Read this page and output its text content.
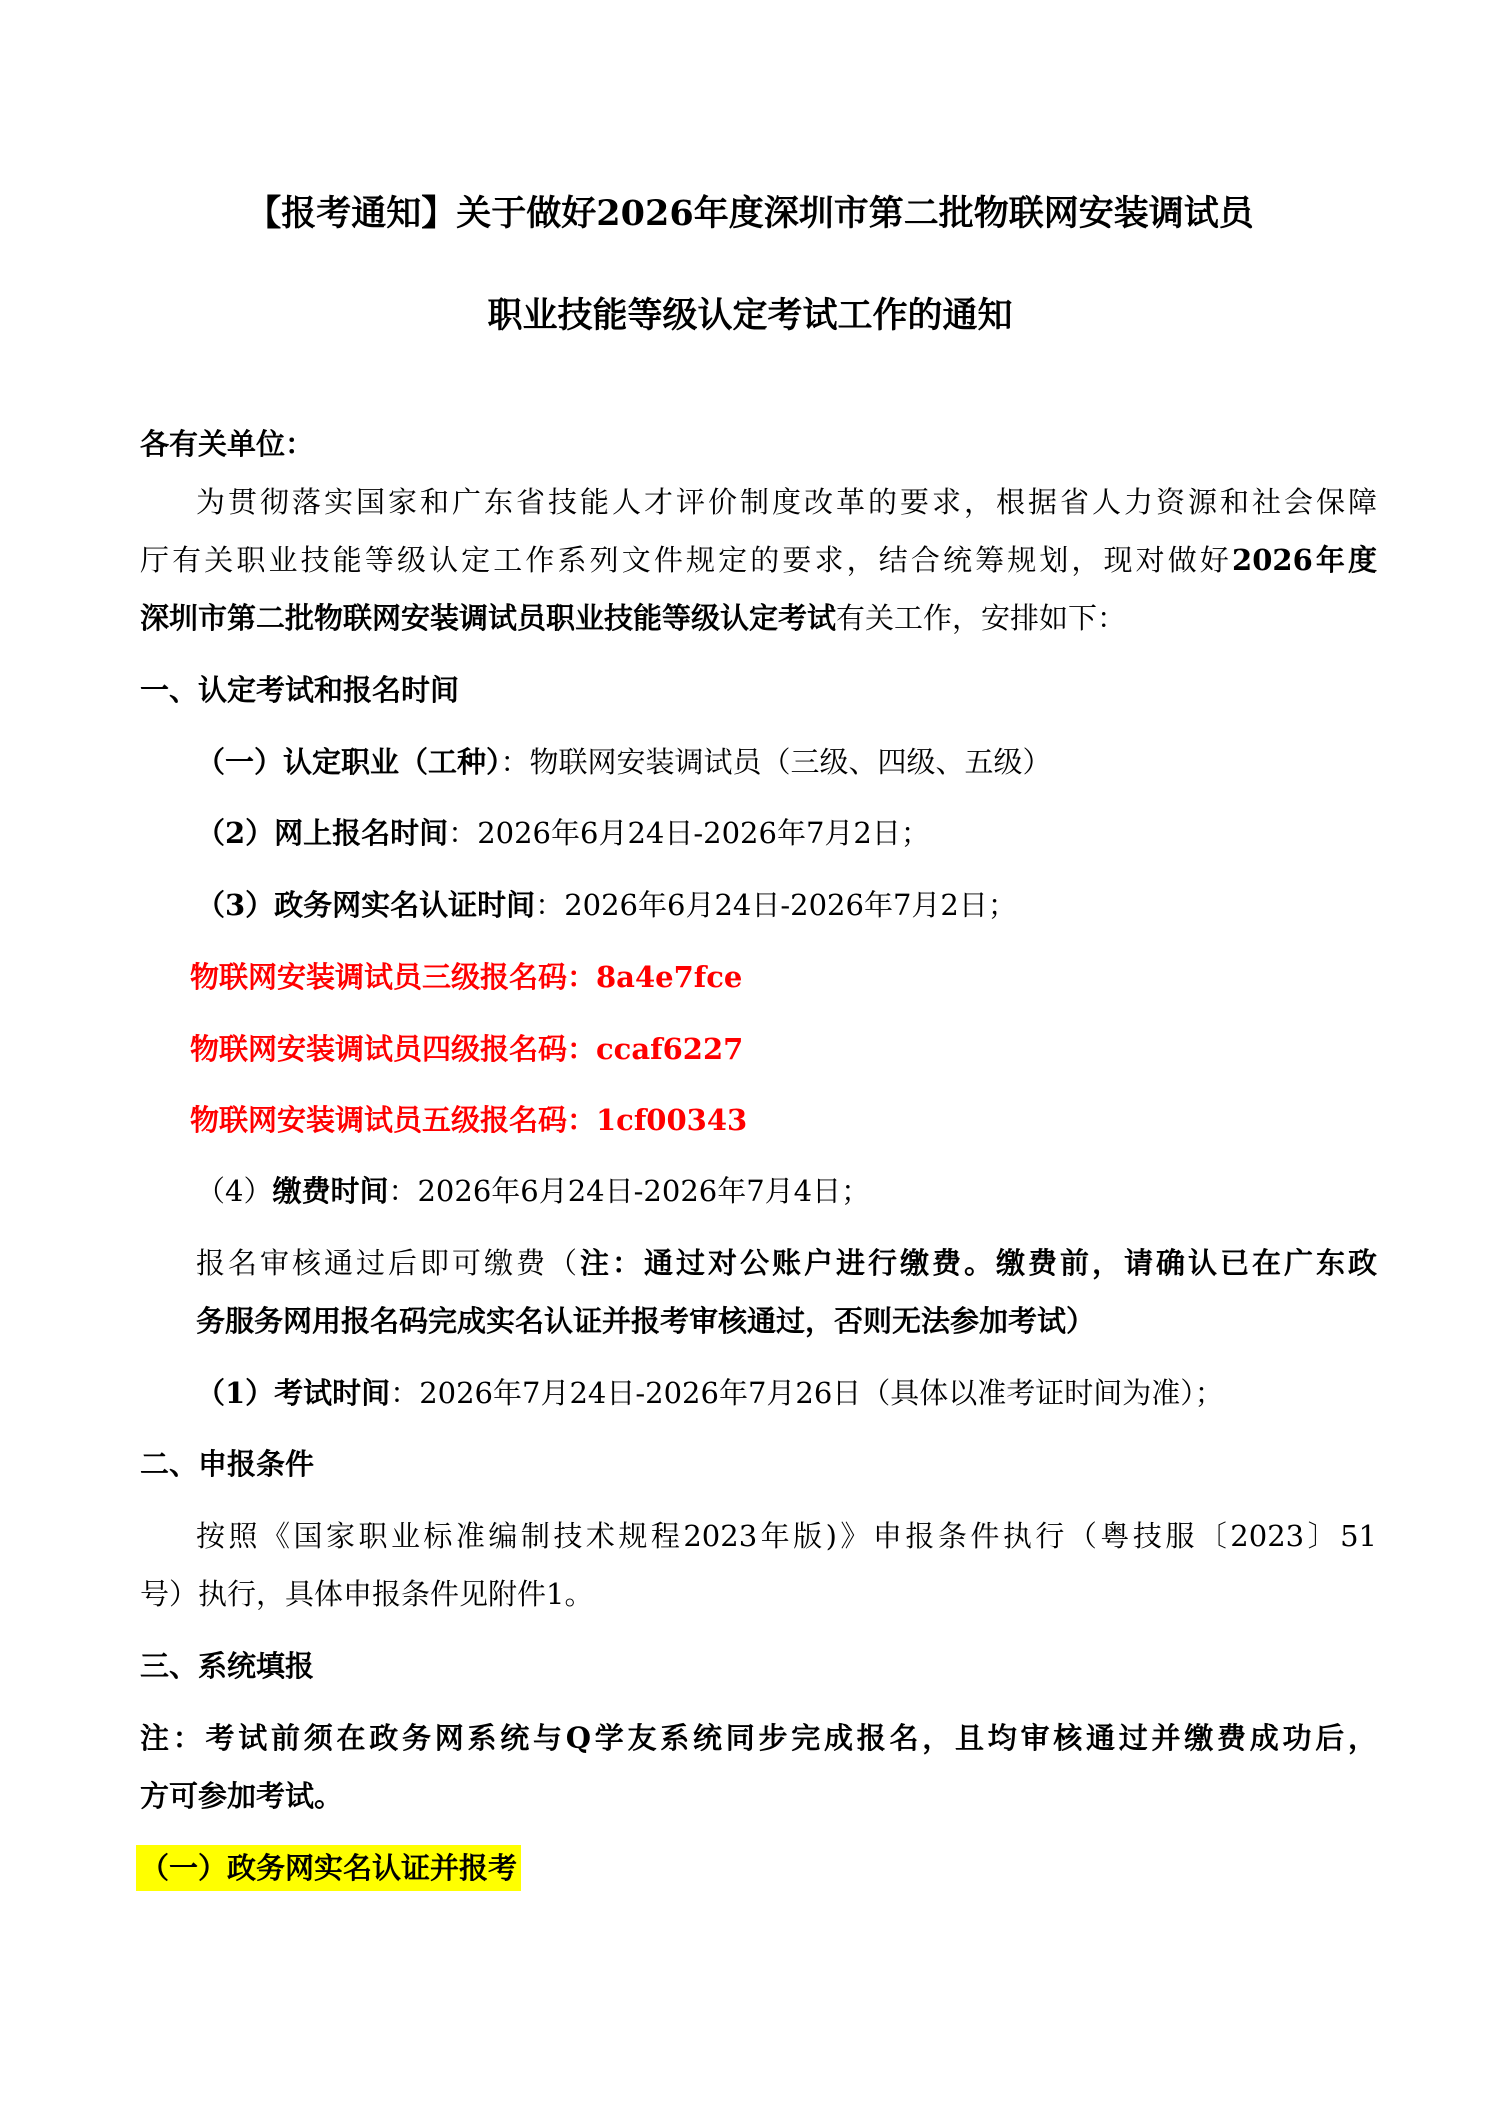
【报考通知】关于做好2026年度深圳市第二批物联网安装调试员
职业技能等级认定考试工作的通知
各有关单位：
为贯彻落实国家和广东省技能人才评价制度改革的要求，根据省人力资源和社会保障
厅有关职业技能等级认定工作系列文件规定的要求，结合统筹规划，现对做好2026年度
深圳市第二批物联网安装调试员职业技能等级认定考试有关工作，安排如下：
一、认定考试和报名时间
（一）认定职业（工种）：物联网安装调试员（三级、四级、五级）
（2）网上报名时间：2026年6月24日-2026年7月2日；
（3）政务网实名认证时间：2026年6月24日-2026年7月2日；
物联网安装调试员三级报名码：8a4e7fce
物联网安装调试员四级报名码：ccaf6227
物联网安装调试员五级报名码：1cf00343
（4）缴费时间：2026年6月24日-2026年7月4日；
报名审核通过后即可缴费（注：通过对公账户进行缴费。缴费前，请确认已在广东政
务服务网用报名码完成实名认证并报考审核通过，否则无法参加考试）
（1）考试时间：2026年7月24日-2026年7月26日（具体以准考证时间为准）；
二、申报条件
按照《国家职业标准编制技术规程2023年版)》申报条件执行（粤技服〔2023〕51
号）执行，具体申报条件见附件1。
三、系统填报
注：考试前须在政务网系统与Q学友系统同步完成报名，且均审核通过并缴费成功后，
方可参加考试。
（一）政务网实名认证并报考
